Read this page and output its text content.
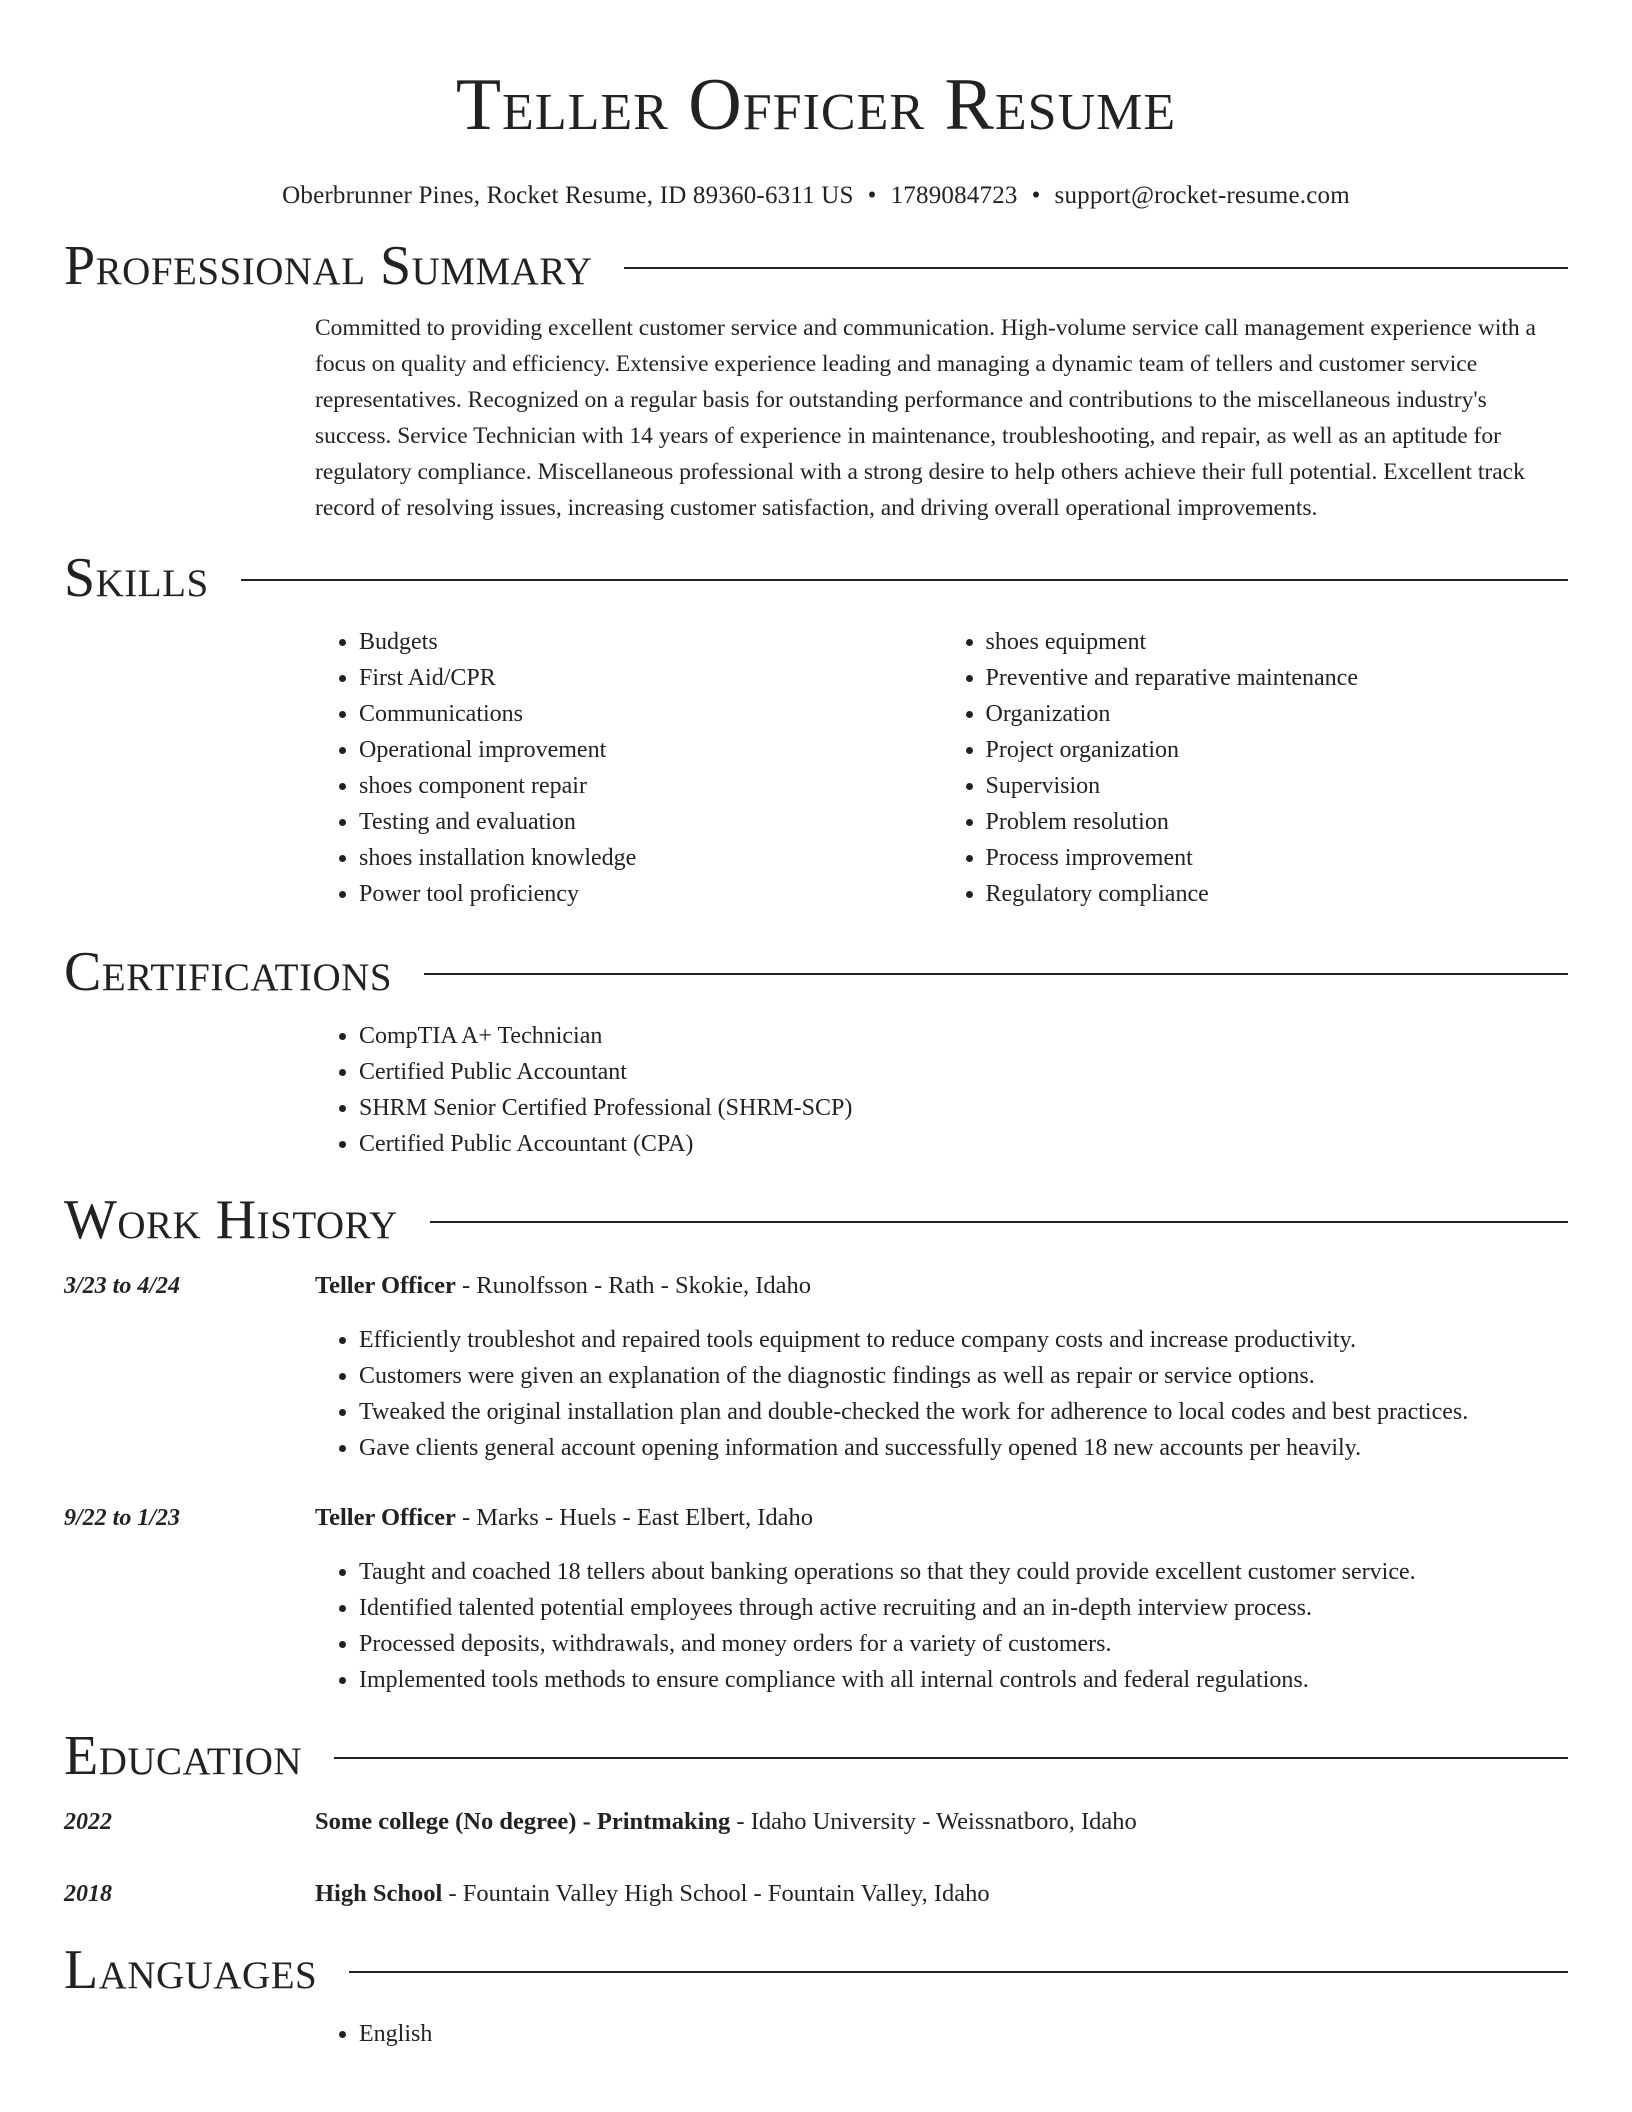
Teller Officer Resume
Oberbrunner Pines, Rocket Resume, ID 89360-6311 US • 1789084723 • support@rocket-resume.com
Professional Summary

Committed to providing excellent customer service and communication. High-volume service call management experience with a focus on quality and efficiency. Extensive experience leading and managing a dynamic team of tellers and customer service representatives. Recognized on a regular basis for outstanding performance and contributions to the miscellaneous industry's success. Service Technician with 14 years of experience in maintenance, troubleshooting, and repair, as well as an aptitude for regulatory compliance. Miscellaneous professional with a strong desire to help others achieve their full potential. Excellent track record of resolving issues, increasing customer satisfaction, and driving overall operational improvements.

Skills
• Budgets
• First Aid/CPR
• Communications
• Operational improvement
• shoes component repair
• Testing and evaluation
• shoes installation knowledge
• Power tool proficiency
• shoes equipment
• Preventive and reparative maintenance
• Organization
• Project organization
• Supervision
• Problem resolution
• Process improvement
• Regulatory compliance
Certifications
• CompTIA A+ Technician
• Certified Public Accountant
• SHRM Senior Certified Professional (SHRM-SCP)
• Certified Public Accountant (CPA)
Work History
3/23 to 4/24	Teller Officer - Runolfsson - Rath - Skokie, Idaho
• Efficiently troubleshot and repaired tools equipment to reduce company costs and increase productivity.
• Customers were given an explanation of the diagnostic findings as well as repair or service options.
• Tweaked the original installation plan and double-checked the work for adherence to local codes and best practices.
• Gave clients general account opening information and successfully opened 18 new accounts per heavily.
9/22 to 1/23	Teller Officer - Marks - Huels - East Elbert, Idaho
• Taught and coached 18 tellers about banking operations so that they could provide excellent customer service.
• Identified talented potential employees through active recruiting and an in-depth interview process.
• Processed deposits, withdrawals, and money orders for a variety of customers.
• Implemented tools methods to ensure compliance with all internal controls and federal regulations.
Education
2022	Some college (No degree) - Printmaking - Idaho University - Weissnatboro, Idaho
2018	High School - Fountain Valley High School - Fountain Valley, Idaho
Languages
• English
